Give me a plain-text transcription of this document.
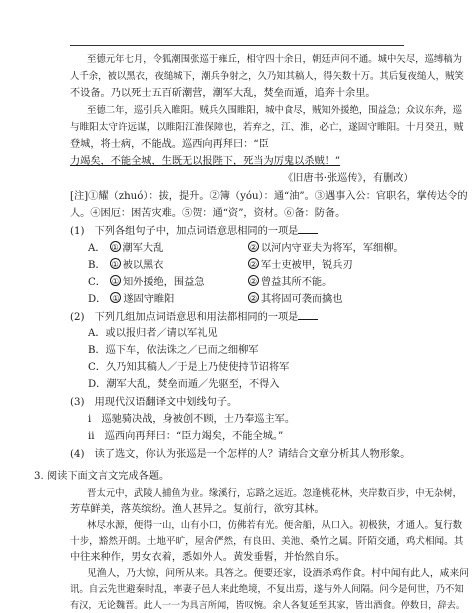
至德元年七月，令狐潮围张巡于雍丘，相守四十余日，朝廷声问不通。城中矢尽，巡缚稿为
人千余，被以黑衣，夜缒城下，潮兵争射之，久乃知其稿人，得矢数十万。其后复夜缒人，贼笑
不设备。乃以死士五百斫潮营，潮军大乱，焚垒而遁，追奔十余里。
至德二年，巡引兵入睢阳。贼兵久围睢阳，城中食尽，贼知外援绝，围益急；众议东奔，巡
与睢阳太守许远谋，以睢阳江淮保障也，若弃之，江、淮，必亡，遂固守睢阳。十月癸丑，贼
登城，将士病，不能战。巡西向再拜曰：“臣
力竭矣，不能全城，生既无以报陛下，死当为厉鬼以杀贼！”
《旧唐书·张巡传》，有删改）
[注]①耀（zhuó）：拔，提升。②簿（yóu）：通“油”。③遇事入公：官职名，掌传达令的
人。④困厄：困苦灾难。⑤贺：通“资”，资材。⑥备：防备。
(1)　下列各组句子中，加点词语意思相同的一项是
A． ① 潮军大乱	② 以河内守亚夫为将军，军细柳。
B． ① 被以黑衣	② 军士吏被甲，锐兵刃
C． ① 知外援绝，围益急	② 曾益其所不能。
D． ① 遂固守睢阳	② 其将固可袭而擒也
(2)　下列几组加点词语意思和用法都相同的一项是
A．或以报归者／请以军礼见
B．巡下车，依法诛之／已而之细柳军
C．久乃知其稿人／于是上乃使使持节诏将军
D．潮军大乱，焚垒而遁／先驱至，不得入
(3)　用现代汉语翻译文中划线句子。
i　巡驰骑决战，身被创不顾，士乃奉巡主军。
ii　巡西向再拜曰：“臣力竭矣，不能全城。”
(4)　读了选文，你认为张巡是一个怎样的人？请结合文章分析其人物形象。
3. 阅读下面文言文完成各题。
晋太元中，武陵人捕鱼为业。缘溪行，忘路之远近。忽逢桃花林，夹岸数百步，中无杂树，
芳草鲜美，落英缤纷。渔人甚异之。复前行，欲穷其林。
林尽水源，便得一山，山有小口，仿佛若有光。便舍船，从口入。初极狭，才通人。复行数
十步，豁然开朗。土地平旷，屋舍俨然，有良田、美池、桑竹之属。阡陌交通，鸡犬相闻。其
中往来种作，男女衣着，悉如外人。黄发垂髫，并怡然自乐。
见渔人，乃大惊，问所从来。具答之。便要还家，设酒杀鸡作食。村中闻有此人，咸来问
讯。自云先世避秦时乱，率妻子邑人来此绝境，不复出焉，遂与外人间隔。问今是何世，乃不知
有汉，无论魏晋。此人一一为具言所闻，皆叹惋。余人各复延至其家，皆出酒食。停数日，辞去。
